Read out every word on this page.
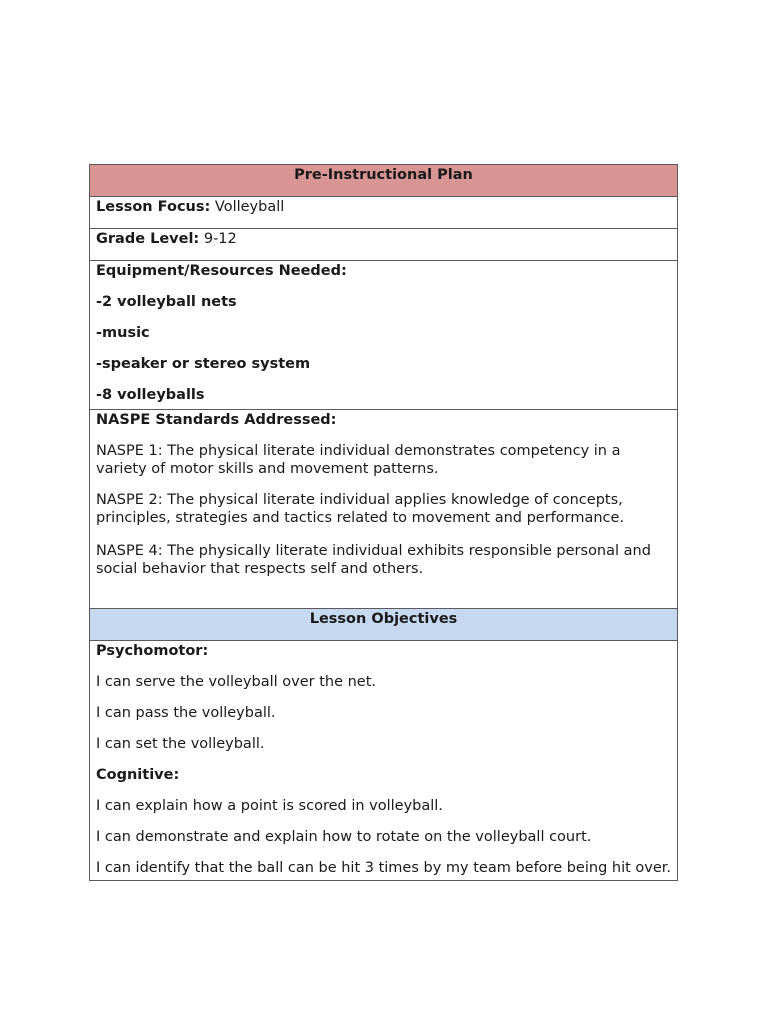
Pre-Instructional Plan
Lesson Focus: Volleyball
Grade Level: 9-12

Equipment/Resources Needed:

-2 volleyball nets

-music

-speaker or stereo system

-8 volleyballs

NASPE Standards Addressed:

NASPE 1: The physical literate individual demonstrates competency in a variety of motor skills and movement patterns.

NASPE 2: The physical literate individual applies knowledge of concepts, principles, strategies and tactics related to movement and performance.

NASPE 4: The physically literate individual exhibits responsible personal and social behavior that respects self and others.

Lesson Objectives

Psychomotor:

I can serve the volleyball over the net.

I can pass the volleyball.

I can set the volleyball.

Cognitive:

I can explain how a point is scored in volleyball.

I can demonstrate and explain how to rotate on the volleyball court.

I can identify that the ball can be hit 3 times by my team before being hit over.
